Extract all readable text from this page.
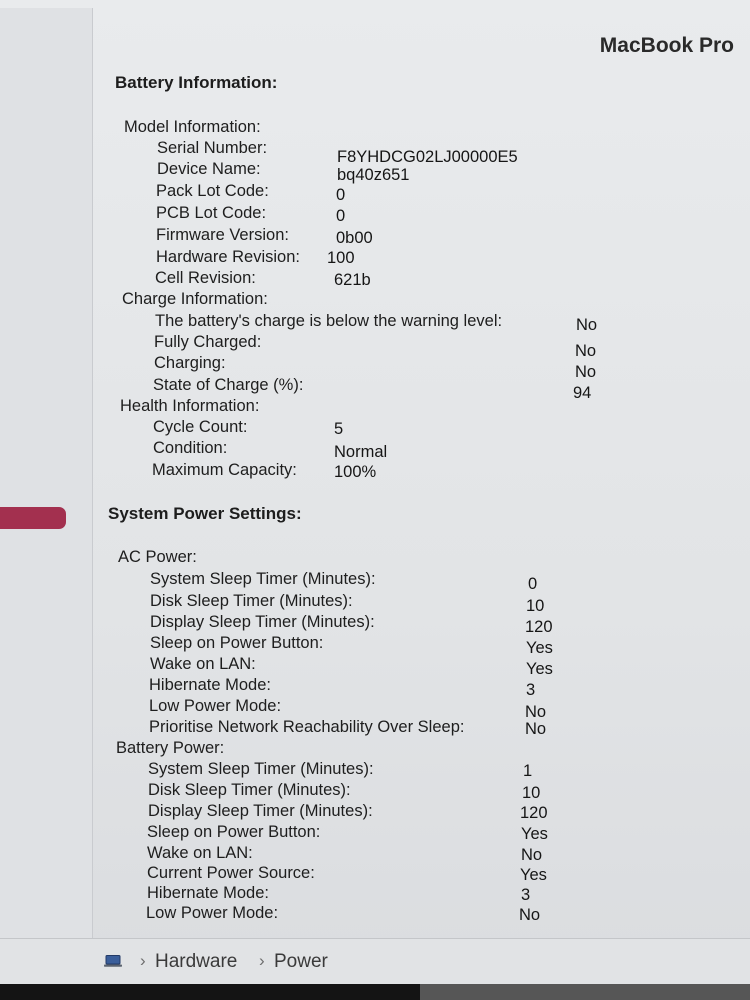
MacBook Pro
Battery Information:
Model Information:
Serial Number:	F8YHDCG02LJ00000E5
Device Name:	bq40z651
Pack Lot Code:	0
PCB Lot Code:	0
Firmware Version:	0b00
Hardware Revision: 100
Cell Revision:	621b
Charge Information:
The battery's charge is below the warning level:	No
Fully Charged:	No
Charging:	No
State of Charge (%):	94
Health Information:
Cycle Count:	5
Condition:	Normal
Maximum Capacity: 100%
System Power Settings:
AC Power:
System Sleep Timer (Minutes):	0
Disk Sleep Timer (Minutes):	10
Display Sleep Timer (Minutes):	120
Sleep on Power Button:	Yes
Wake on LAN:	Yes
Hibernate Mode:	3
Low Power Mode:	No
Prioritise Network Reachability Over Sleep:	No
Battery Power:
System Sleep Timer (Minutes):	1
Disk Sleep Timer (Minutes):	10
Display Sleep Timer (Minutes):	120
Sleep on Power Button:	Yes
Wake on LAN:	No
Current Power Source:	Yes
Hibernate Mode:	3
Low Power Mode:	No
› Hardware › Power
